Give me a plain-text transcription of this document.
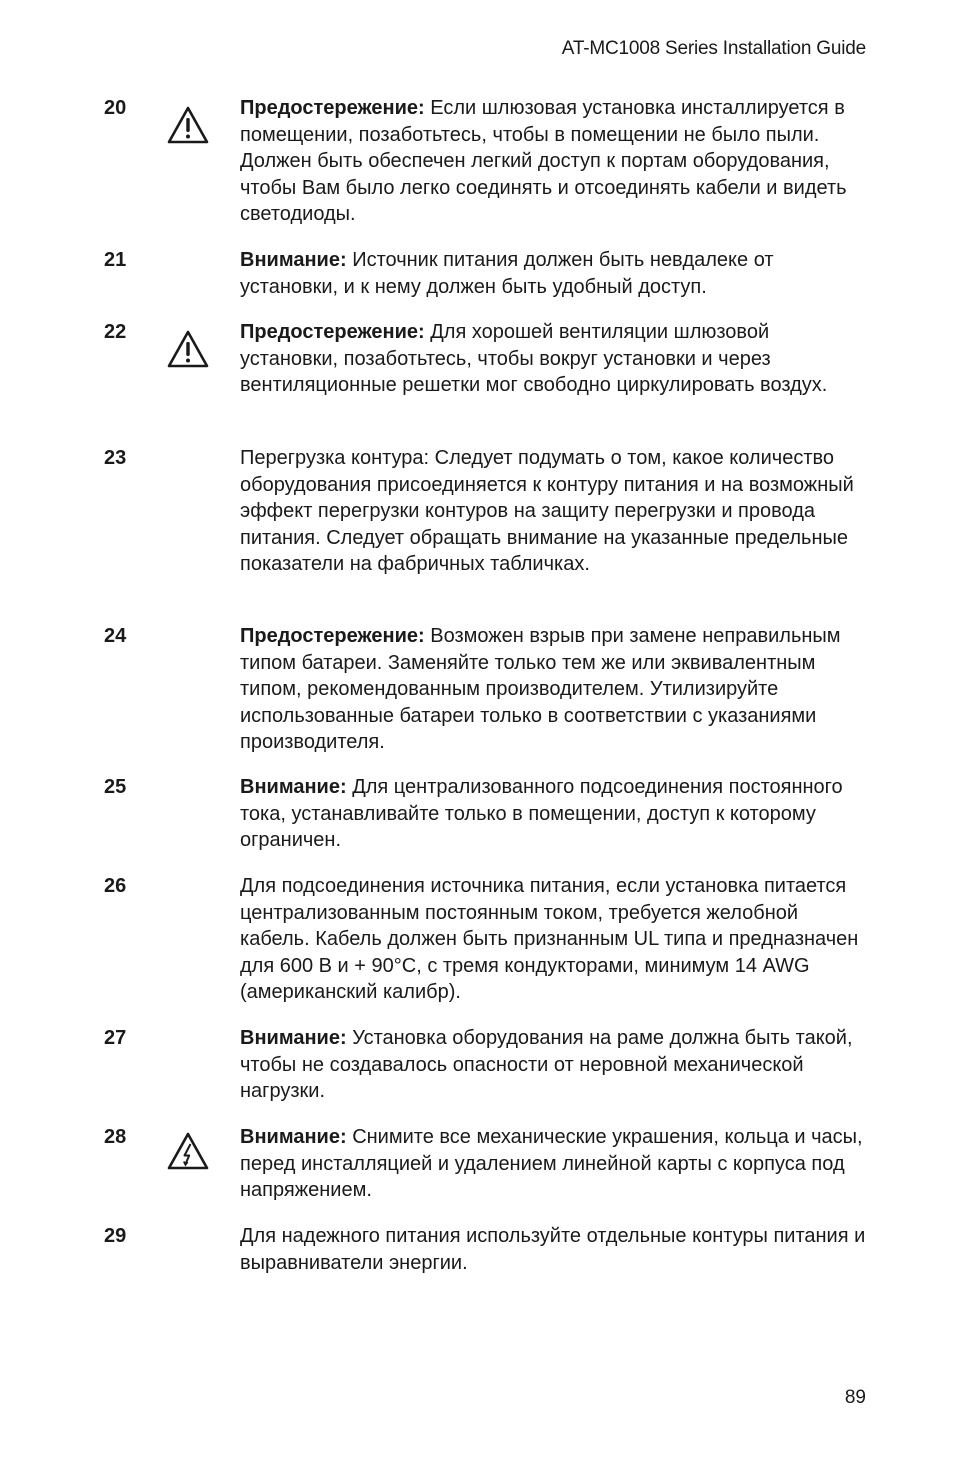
AT-MC1008 Series Installation Guide
20	Предостережение: Если шлюзовая установка инсталлируется в помещении, позаботьтесь, чтобы в помещении не было пыли. Должен быть обеспечен легкий доступ к портам оборудования, чтобы Вам было легко соединять и отсоединять кабели и видеть светодиоды.
21	Внимание: Источник питания должен быть невдалеке от установки, и к нему должен быть удобный доступ.
22	Предостережение: Для хорошей вентиляции шлюзовой установки, позаботьтесь, чтобы вокруг установки и через вентиляционные решетки мог свободно циркулировать воздух.
23	Перегрузка контура: Следует подумать о том, какое количество оборудования присоединяется к контуру питания и на возможный эффект перегрузки контуров на защиту перегрузки и провода питания. Следует обращать внимание на указанные предельные показатели на фабричных табличках.
24	Предостережение: Возможен взрыв при замене неправильным типом батареи. Заменяйте только тем же или эквивалентным типом, рекомендованным производителем. Утилизируйте использованные батареи только в соответствии с указаниями производителя.
25	Внимание: Для централизованного подсоединения постоянного тока, устанавливайте только в помещении, доступ к которому ограничен.
26	Для подсоединения источника питания, если установка питается централизованным постоянным током, требуется желобной кабель. Кабель должен быть признанным UL типа и предназначен для 600 В и + 90°C, с тремя кондукторами, минимум 14 AWG (американский калибр).
27	Внимание: Установка оборудования на раме должна быть такой, чтобы не создавалось опасности от неровной механической нагрузки.
28	Внимание: Снимите все механические украшения, кольца и часы, перед инсталляцией и удалением линейной карты с корпуса под напряжением.
29	Для надежного питания используйте отдельные контуры питания и выравниватели энергии.
89
